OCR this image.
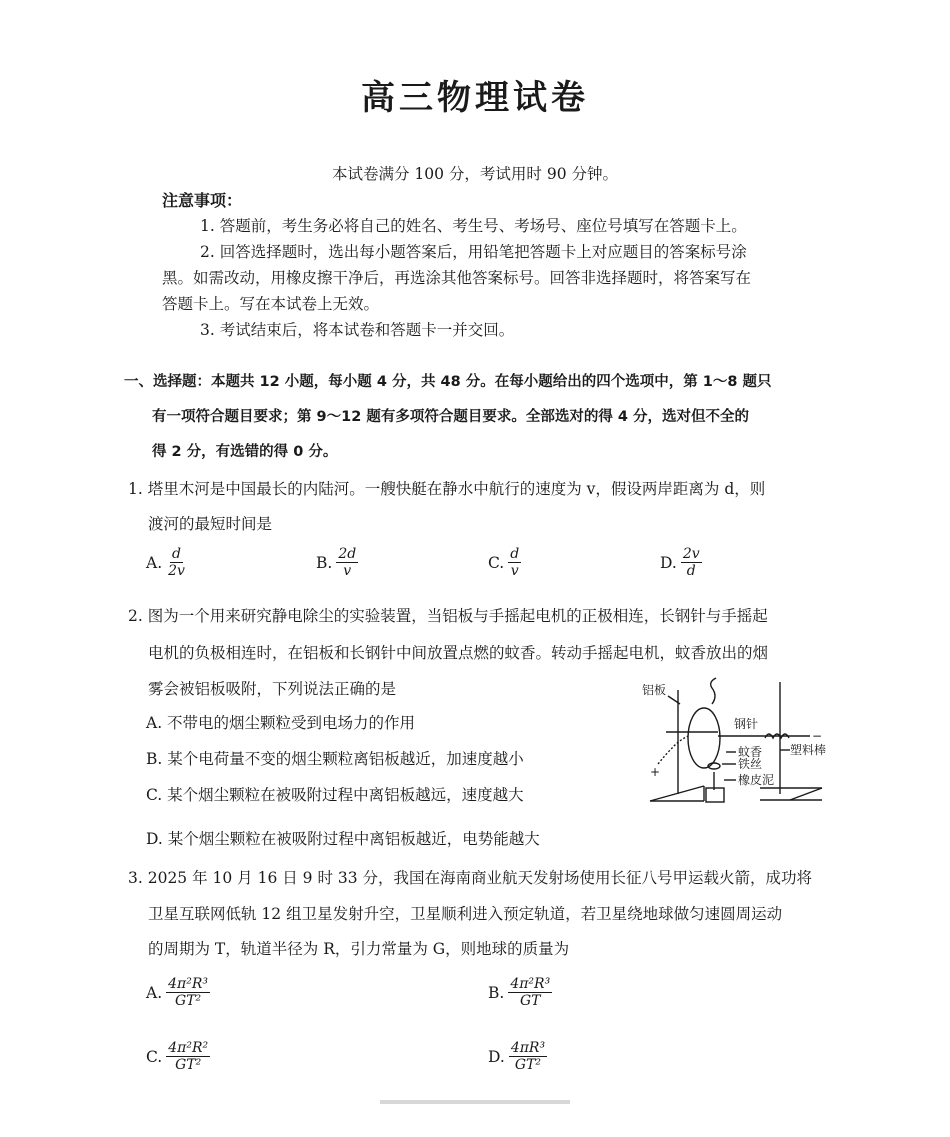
高三物理试卷
本试卷满分 100 分，考试用时 90 分钟。
注意事项：
1. 答题前，考生务必将自己的姓名、考生号、考场号、座位号填写在答题卡上。
2. 回答选择题时，选出每小题答案后，用铅笔把答题卡上对应题目的答案标号涂
黑。如需改动，用橡皮擦干净后，再选涂其他答案标号。回答非选择题时，将答案写在
答题卡上。写在本试卷上无效。
3. 考试结束后，将本试卷和答题卡一并交回。
一、选择题：本题共 12 小题，每小题 4 分，共 48 分。在每小题给出的四个选项中，第 1～8 题只
有一项符合题目要求；第 9～12 题有多项符合题目要求。全部选对的得 4 分，选对但不全的
得 2 分，有选错的得 0 分。
1. 塔里木河是中国最长的内陆河。一艘快艇在静水中航行的速度为 v，假设两岸距离为 d，则
渡河的最短时间是
A. $\frac{d}{2v}$	B. $\frac{2d}{v}$	C. $\frac{d}{v}$	D. $\frac{2v}{d}$
2. 图为一个用来研究静电除尘的实验装置，当铝板与手摇起电机的正极相连，长钢针与手摇起
电机的负极相连时，在铝板和长钢针中间放置点燃的蚊香。转动手摇起电机，蚊香放出的烟
雾会被铝板吸附，下列说法正确的是
A. 不带电的烟尘颗粒受到电场力的作用
B. 某个电荷量不变的烟尘颗粒离铝板越近，加速度越小
C. 某个烟尘颗粒在被吸附过程中离铝板越远，速度越大
D. 某个烟尘颗粒在被吸附过程中离铝板越近，电势能越大
铝板
钢针
蚊香
铁丝
橡皮泥
塑料棒
+
−
3. 2025 年 10 月 16 日 9 时 33 分，我国在海南商业航天发射场使用长征八号甲运载火箭，成功将
卫星互联网低轨 12 组卫星发射升空，卫星顺利进入预定轨道，若卫星绕地球做匀速圆周运动
的周期为 T，轨道半径为 R，引力常量为 G，则地球的质量为
A. $\frac{\text{4π²R³}}{\text{GT²}}$	B. $\frac{\text{4π²R³}}{GT}$
C. $\frac{\text{4π²R²}}{\text{GT²}}$	D. $\frac{\text{4πR³}}{\text{GT²}}$
